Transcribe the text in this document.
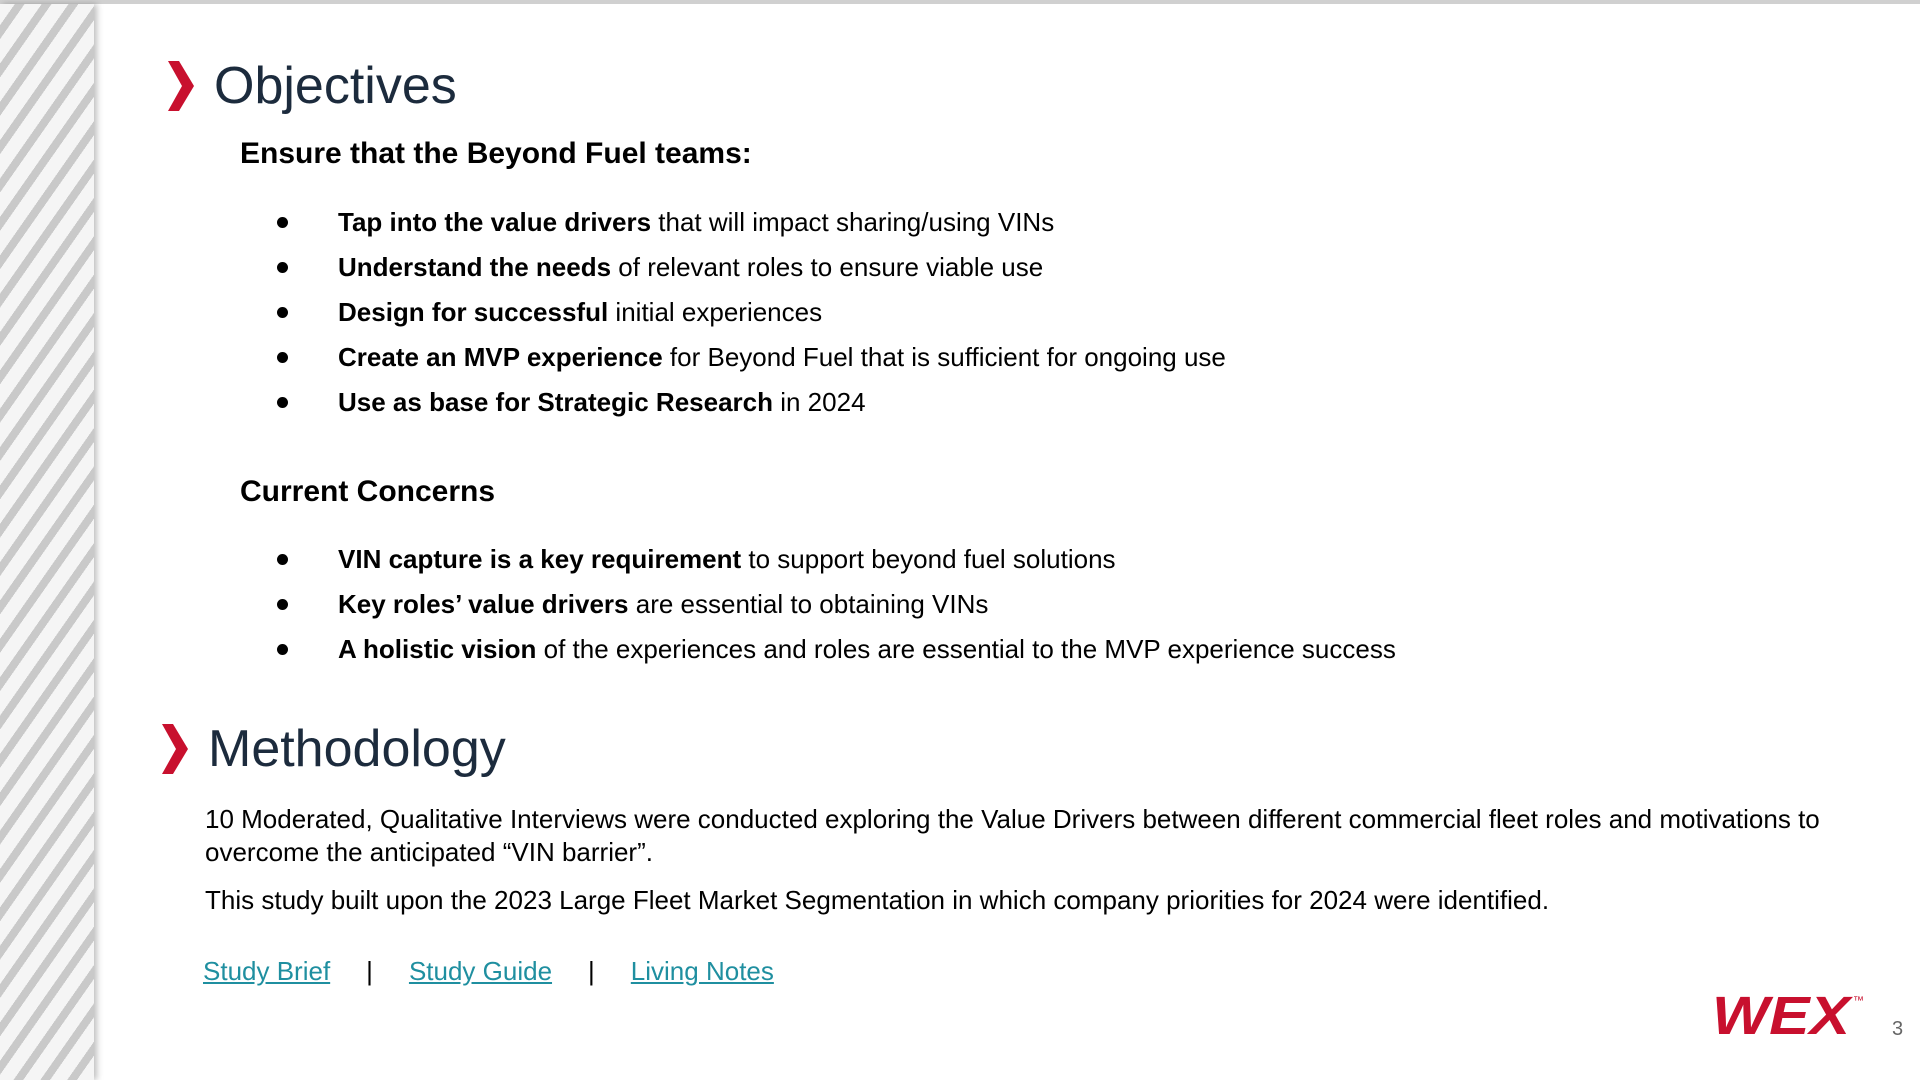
Objectives
Ensure that the Beyond Fuel teams:
Tap into the value drivers that will impact sharing/using VINs
Understand the needs of relevant roles to ensure viable use
Design for successful initial experiences
Create an MVP experience for Beyond Fuel that is sufficient for ongoing use
Use as base for Strategic Research in 2024
Current Concerns
VIN capture is a key requirement to support beyond fuel solutions
Key roles’ value drivers are essential to obtaining VINs
A holistic vision of the experiences and roles are essential to the MVP experience success
Methodology
10 Moderated, Qualitative Interviews were conducted exploring the Value Drivers between different commercial fleet roles and motivations to overcome the anticipated “VIN barrier”.
This study built upon the 2023 Large Fleet Market Segmentation in which company priorities for 2024 were identified.
Study Brief | Study Guide | Living Notes
WEX ™
3
